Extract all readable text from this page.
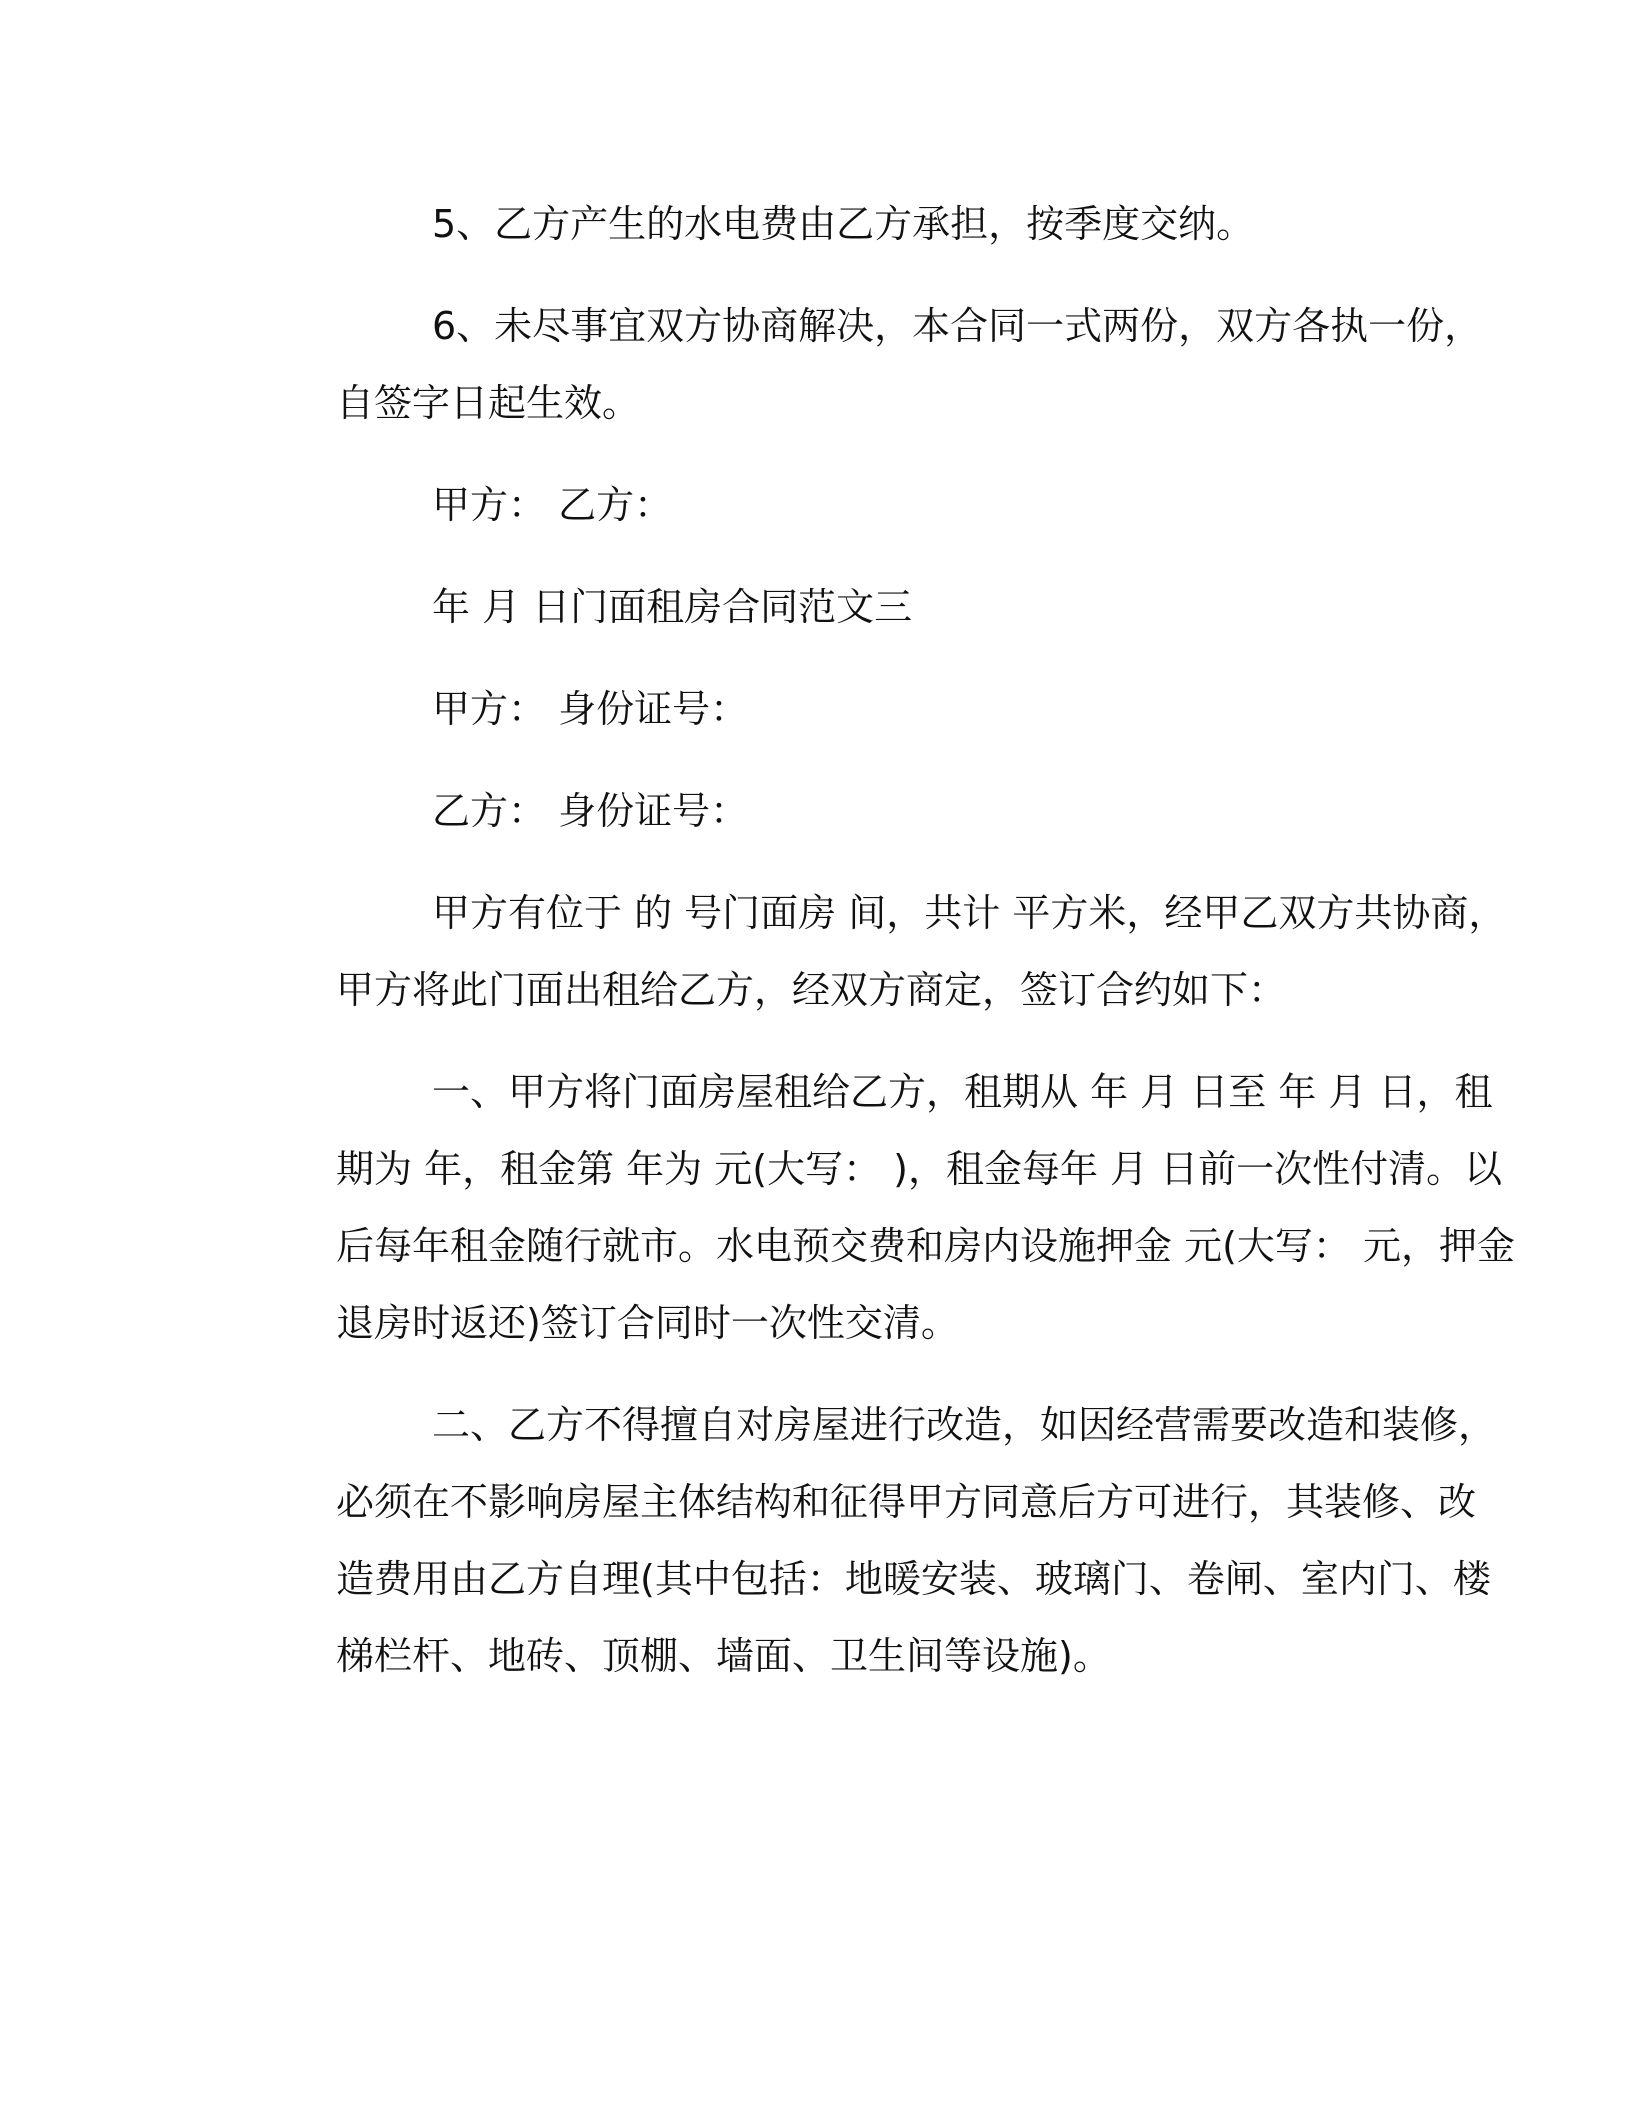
5、乙方产生的水电费由乙方承担，按季度交纳。
6、未尽事宜双方协商解决，本合同一式两份，双方各执一份，
自签字日起生效。
甲方： 乙方：
年 月 日门面租房合同范文三
甲方： 身份证号：
乙方： 身份证号：
甲方有位于 的 号门面房 间，共计 平方米，经甲乙双方共协商，
甲方将此门面出租给乙方，经双方商定，签订合约如下：
一、甲方将门面房屋租给乙方，租期从 年 月 日至 年 月 日，租
期为 年，租金第 年为 元(大写： )，租金每年 月 日前一次性付清。以
后每年租金随行就市。水电预交费和房内设施押金 元(大写： 元，押金
退房时返还)签订合同时一次性交清。
二、乙方不得擅自对房屋进行改造，如因经营需要改造和装修，
必须在不影响房屋主体结构和征得甲方同意后方可进行，其装修、改
造费用由乙方自理(其中包括：地暖安装、玻璃门、卷闸、室内门、楼
梯栏杆、地砖、顶棚、墙面、卫生间等设施)。
